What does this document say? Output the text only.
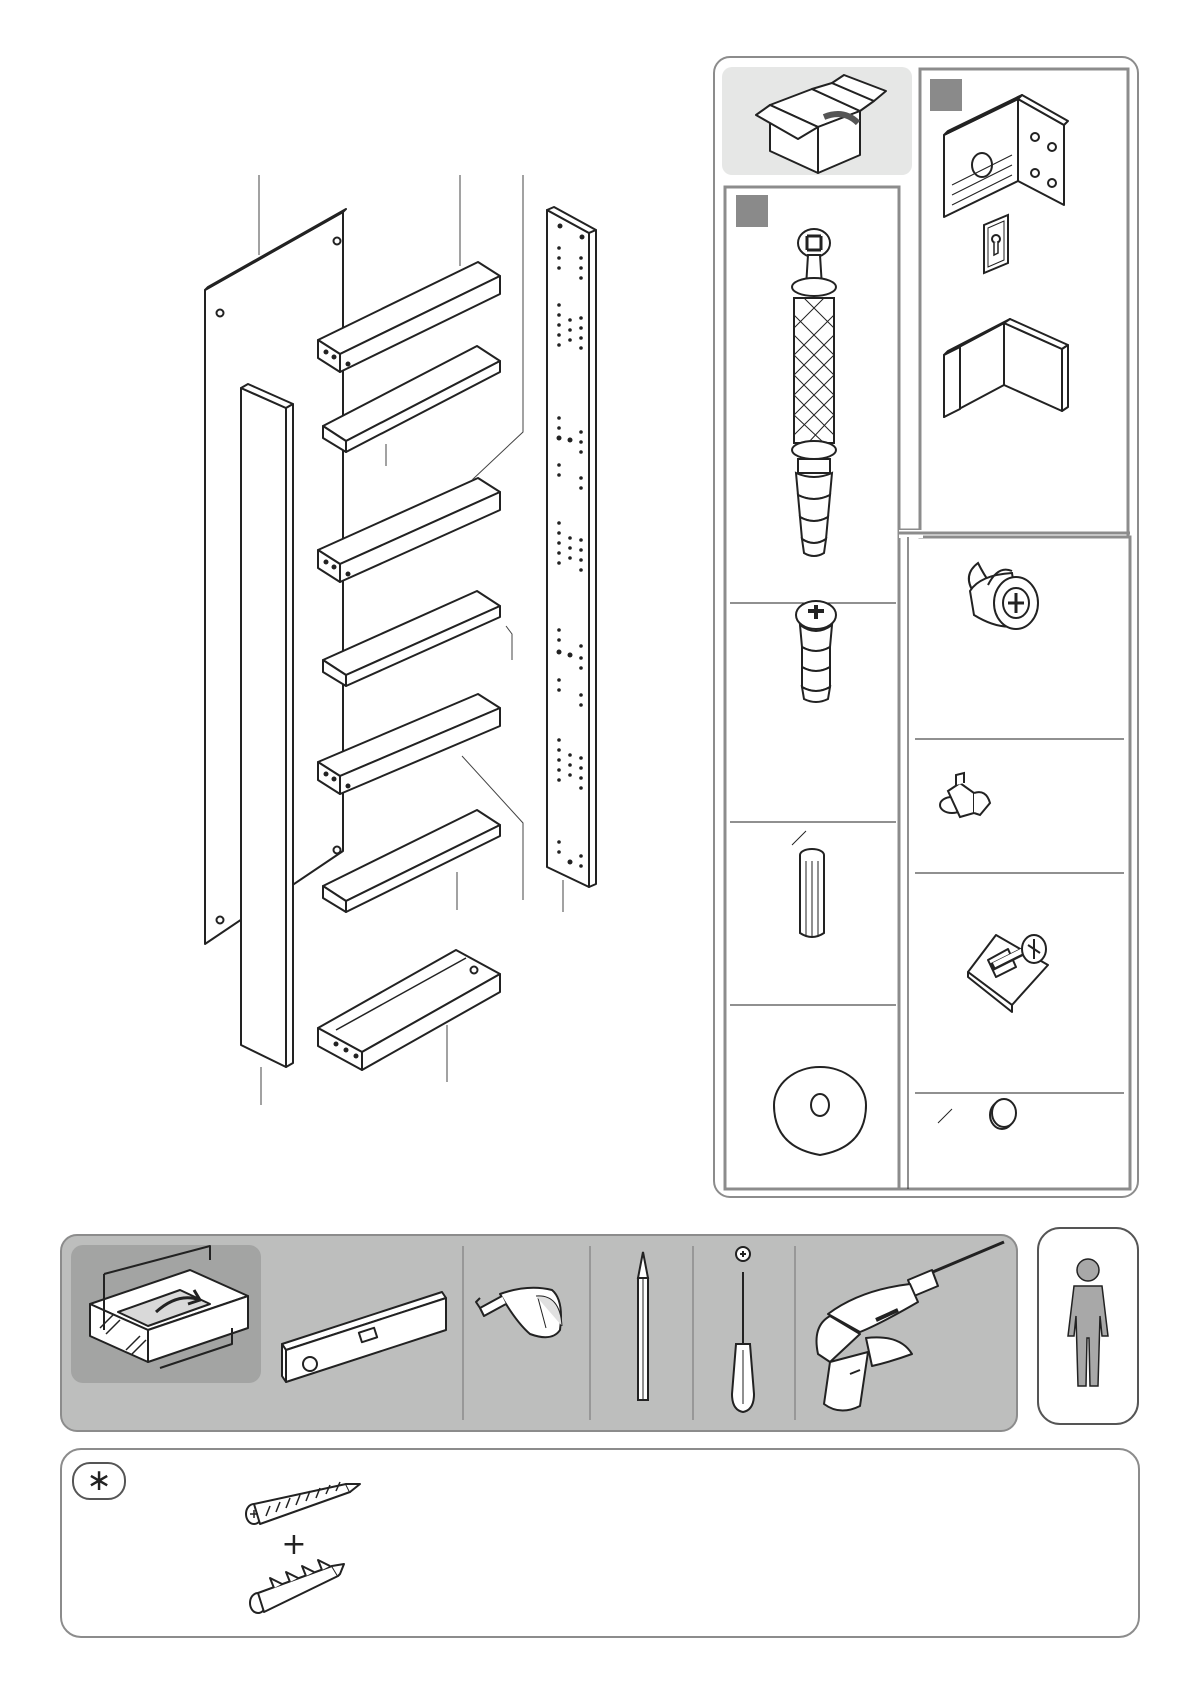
+
∗
